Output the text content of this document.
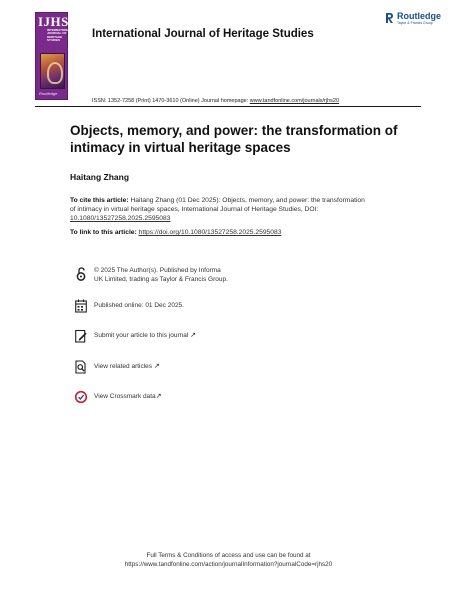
IJHS
INTERNATIONAL JOURNAL OF HERITAGE STUDIES
Routledge
International Journal of Heritage Studies
Routledge
Taylor & Francis Group
ISSN: 1352-7258 (Print) 1470-3610 (Online) Journal homepage: www.tandfonline.com/journals/rjhs20
Objects, memory, and power: the transformation of intimacy in virtual heritage spaces
Haitang Zhang
To cite this article: Haitang Zhang (01 Dec 2025): Objects, memory, and power: the transformation of intimacy in virtual heritage spaces, International Journal of Heritage Studies, DOI: 10.1080/13527258.2025.2595083
To link to this article: https://doi.org/10.1080/13527258.2025.2595083
© 2025 The Author(s). Published by Informa UK Limited, trading as Taylor & Francis Group.
Published online: 01 Dec 2025.
Submit your article to this journal ↗
View related articles ↗
View Crossmark data↗
Full Terms & Conditions of access and use can be found at
https://www.tandfonline.com/action/journalInformation?journalCode=rjhs20
